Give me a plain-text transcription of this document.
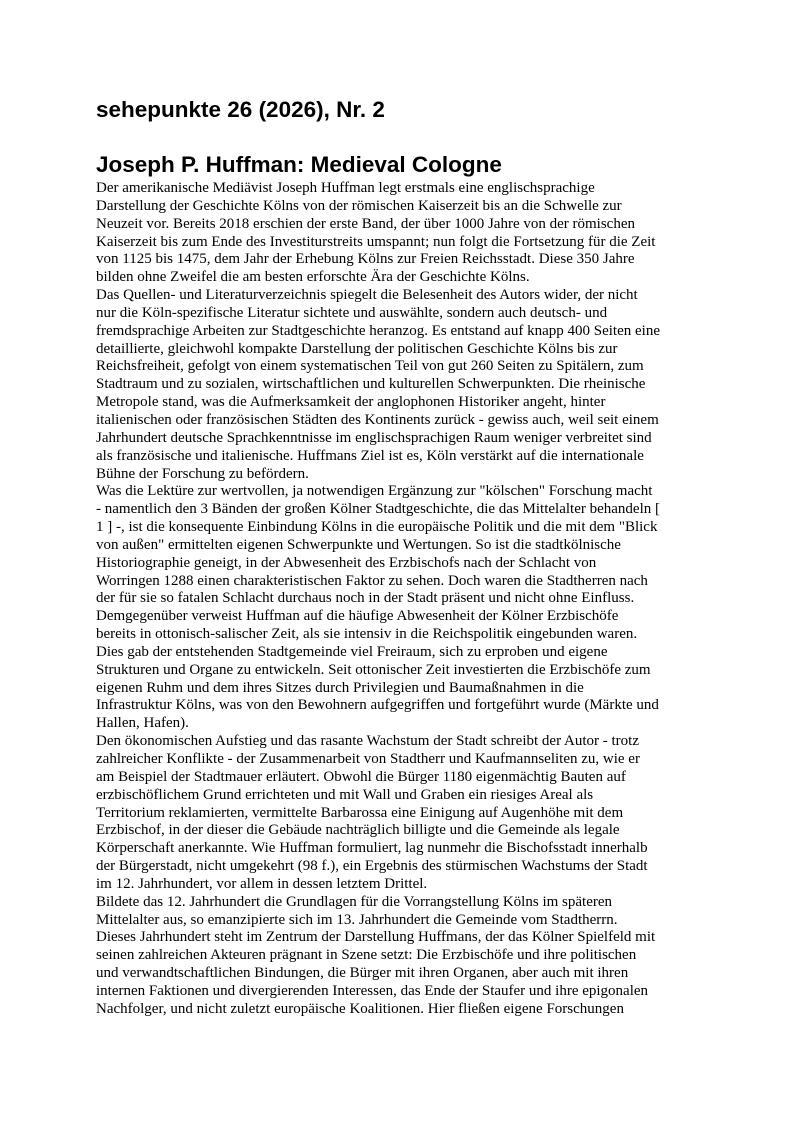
sehepunkte 26 (2026), Nr. 2
Joseph P. Huffman: Medieval Cologne
Der amerikanische Mediävist Joseph Huffman legt erstmals eine englischsprachige
Darstellung der Geschichte Kölns von der römischen Kaiserzeit bis an die Schwelle zur
Neuzeit vor. Bereits 2018 erschien der erste Band, der über 1000 Jahre von der römischen
Kaiserzeit bis zum Ende des Investiturstreits umspannt; nun folgt die Fortsetzung für die Zeit
von 1125 bis 1475, dem Jahr der Erhebung Kölns zur Freien Reichsstadt. Diese 350 Jahre
bilden ohne Zweifel die am besten erforschte Ära der Geschichte Kölns.
Das Quellen- und Literaturverzeichnis spiegelt die Belesenheit des Autors wider, der nicht
nur die Köln-spezifische Literatur sichtete und auswählte, sondern auch deutsch- und
fremdsprachige Arbeiten zur Stadtgeschichte heranzog. Es entstand auf knapp 400 Seiten eine
detaillierte, gleichwohl kompakte Darstellung der politischen Geschichte Kölns bis zur
Reichsfreiheit, gefolgt von einem systematischen Teil von gut 260 Seiten zu Spitälern, zum
Stadtraum und zu sozialen, wirtschaftlichen und kulturellen Schwerpunkten. Die rheinische
Metropole stand, was die Aufmerksamkeit der anglophonen Historiker angeht, hinter
italienischen oder französischen Städten des Kontinents zurück - gewiss auch, weil seit einem
Jahrhundert deutsche Sprachkenntnisse im englischsprachigen Raum weniger verbreitet sind
als französische und italienische. Huffmans Ziel ist es, Köln verstärkt auf die internationale
Bühne der Forschung zu befördern.
Was die Lektüre zur wertvollen, ja notwendigen Ergänzung zur "kölschen" Forschung macht
- namentlich den 3 Bänden der großen Kölner Stadtgeschichte, die das Mittelalter behandeln [
1 ] -, ist die konsequente Einbindung Kölns in die europäische Politik und die mit dem "Blick
von außen" ermittelten eigenen Schwerpunkte und Wertungen. So ist die stadtkölnische
Historiographie geneigt, in der Abwesenheit des Erzbischofs nach der Schlacht von
Worringen 1288 einen charakteristischen Faktor zu sehen. Doch waren die Stadtherren nach
der für sie so fatalen Schlacht durchaus noch in der Stadt präsent und nicht ohne Einfluss.
Demgegenüber verweist Huffman auf die häufige Abwesenheit der Kölner Erzbischöfe
bereits in ottonisch-salischer Zeit, als sie intensiv in die Reichspolitik eingebunden waren.
Dies gab der entstehenden Stadtgemeinde viel Freiraum, sich zu erproben und eigene
Strukturen und Organe zu entwickeln. Seit ottonischer Zeit investierten die Erzbischöfe zum
eigenen Ruhm und dem ihres Sitzes durch Privilegien und Baumaßnahmen in die
Infrastruktur Kölns, was von den Bewohnern aufgegriffen und fortgeführt wurde (Märkte und
Hallen, Hafen).
Den ökonomischen Aufstieg und das rasante Wachstum der Stadt schreibt der Autor - trotz
zahlreicher Konflikte - der Zusammenarbeit von Stadtherr und Kaufmannseliten zu, wie er
am Beispiel der Stadtmauer erläutert. Obwohl die Bürger 1180 eigenmächtig Bauten auf
erzbischöflichem Grund errichteten und mit Wall und Graben ein riesiges Areal als
Territorium reklamierten, vermittelte Barbarossa eine Einigung auf Augenhöhe mit dem
Erzbischof, in der dieser die Gebäude nachträglich billigte und die Gemeinde als legale
Körperschaft anerkannte. Wie Huffman formuliert, lag nunmehr die Bischofsstadt innerhalb
der Bürgerstadt, nicht umgekehrt (98 f.), ein Ergebnis des stürmischen Wachstums der Stadt
im 12. Jahrhundert, vor allem in dessen letztem Drittel.
Bildete das 12. Jahrhundert die Grundlagen für die Vorrangstellung Kölns im späteren
Mittelalter aus, so emanzipierte sich im 13. Jahrhundert die Gemeinde vom Stadtherrn.
Dieses Jahrhundert steht im Zentrum der Darstellung Huffmans, der das Kölner Spielfeld mit
seinen zahlreichen Akteuren prägnant in Szene setzt: Die Erzbischöfe und ihre politischen
und verwandtschaftlichen Bindungen, die Bürger mit ihren Organen, aber auch mit ihren
internen Faktionen und divergierenden Interessen, das Ende der Staufer und ihre epigonalen
Nachfolger, und nicht zuletzt europäische Koalitionen. Hier fließen eigene Forschungen
